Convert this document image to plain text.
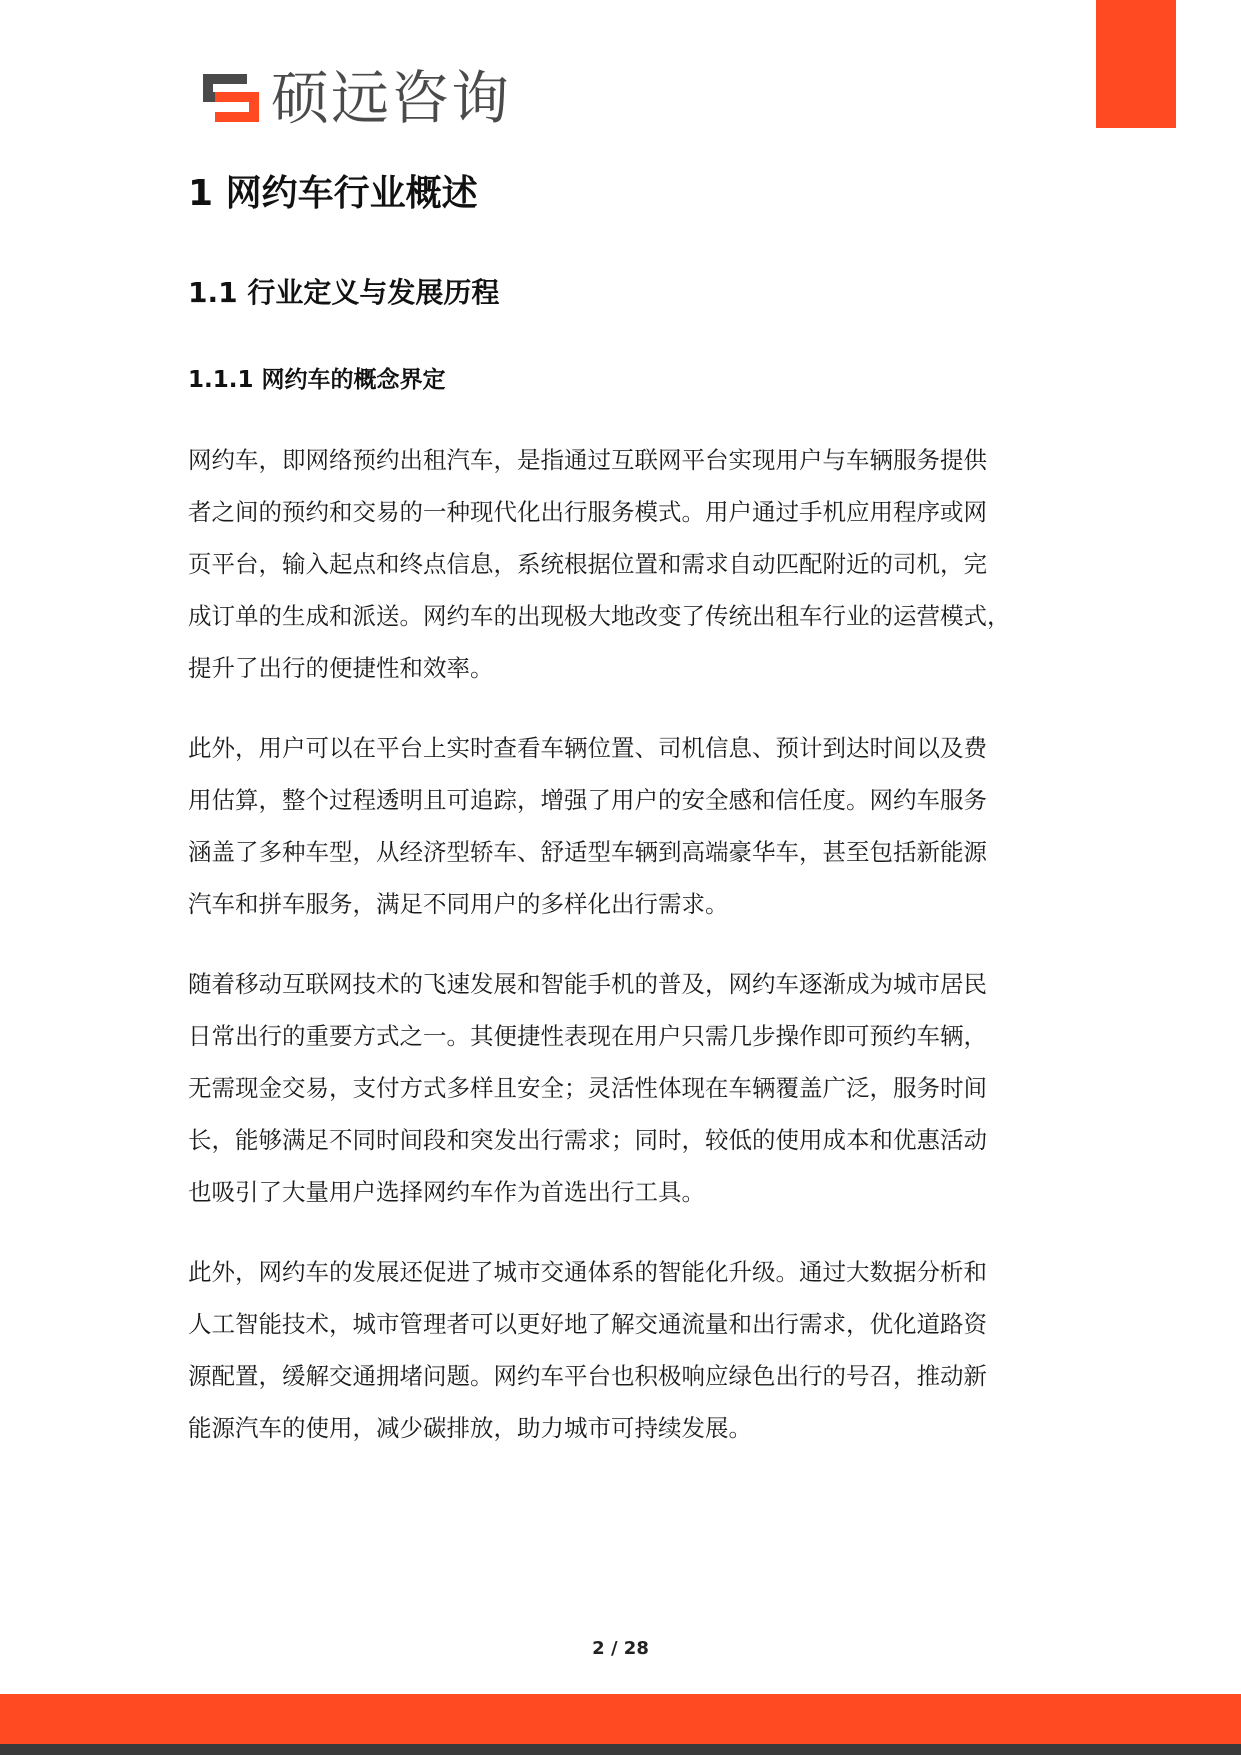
硕远咨询
1 网约车行业概述
1.1 行业定义与发展历程
1.1.1 网约车的概念界定

网约车，即网络预约出租汽车，是指通过互联网平台实现用户与车辆服务提供
者之间的预约和交易的一种现代化出行服务模式。用户通过手机应用程序或网
页平台，输入起点和终点信息，系统根据位置和需求自动匹配附近的司机，完
成订单的生成和派送。网约车的出现极大地改变了传统出租车行业的运营模式，
提升了出行的便捷性和效率。

此外，用户可以在平台上实时查看车辆位置、司机信息、预计到达时间以及费
用估算，整个过程透明且可追踪，增强了用户的安全感和信任度。网约车服务
涵盖了多种车型，从经济型轿车、舒适型车辆到高端豪华车，甚至包括新能源
汽车和拼车服务，满足不同用户的多样化出行需求。

随着移动互联网技术的飞速发展和智能手机的普及，网约车逐渐成为城市居民
日常出行的重要方式之一。其便捷性表现在用户只需几步操作即可预约车辆，
无需现金交易，支付方式多样且安全；灵活性体现在车辆覆盖广泛，服务时间
长，能够满足不同时间段和突发出行需求；同时，较低的使用成本和优惠活动
也吸引了大量用户选择网约车作为首选出行工具。

此外，网约车的发展还促进了城市交通体系的智能化升级。通过大数据分析和
人工智能技术，城市管理者可以更好地了解交通流量和出行需求，优化道路资
源配置，缓解交通拥堵问题。网约车平台也积极响应绿色出行的号召，推动新
能源汽车的使用，减少碳排放，助力城市可持续发展。

2 / 28
